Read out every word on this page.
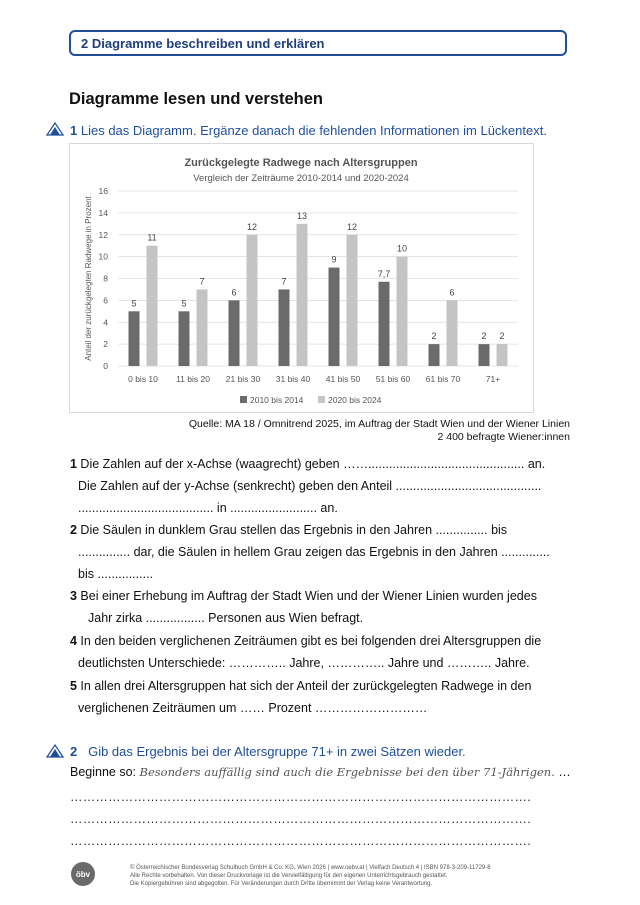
2 Diagramme beschreiben und erklären
Diagramme lesen und verstehen
1 Lies das Diagramm. Ergänze danach die fehlenden Informationen im Lückentext.
Zurückgelegte Radwege nach Altersgruppen
Vergleich der Zeiträume 2010-2014 und 2020-2024
0
2
4
6
8
10
12
14
16
Anteil der zurückgelegten Radwege in Prozent	5
11
0 bis 10
5
7
11 bis 20
6
12
21 bis 30
7
13
31 bis 40
9
12
41 bis 50
7,7
10
51 bis 60
2
6
61 bis 70
2 2
71+
2010 bis 2014	2020 bis 2024
Quelle: MA 18 / Omnitrend 2025, im Auftrag der Stadt Wien und der Wiener Linien
2 400 befragte Wiener:innen
1 Die Zahlen auf der x-Achse (waagrecht) geben ……............................................. an.
Die Zahlen auf der y-Achse (senkrecht) geben den Anteil ..........................................
....................................... in ......................... an.
2 Die Säulen in dunklem Grau stellen das Ergebnis in den Jahren ............... bis
............... dar, die Säulen in hellem Grau zeigen das Ergebnis in den Jahren ..............
bis ................
3 Bei einer Erhebung im Auftrag der Stadt Wien und der Wiener Linien wurden jedes
Jahr zirka ................. Personen aus Wien befragt.
4 In den beiden verglichenen Zeiträumen gibt es bei folgenden drei Altersgruppen die
deutlichsten Unterschiede: ………….. Jahre, ………….. Jahre und ……….. Jahre.
5 In allen drei Altersgruppen hat sich der Anteil der zurückgelegten Radwege in den
verglichenen Zeiträumen um …… Prozent ………………………
2 Gib das Ergebnis bei der Altersgruppe 71+ in zwei Sätzen wieder.
Beginne so: Besonders auffällig sind auch die Ergebnisse bei den über 71-Jährigen. …
……………………………………………………………………………………………….
……………………………………………………………………………………………….
……………………………………………………………………………………………….
öbv
© Österreichischer Bundesverlag Schulbuch GmbH & Co. KG, Wien 2026 | www.oebv.at | Vielfach Deutsch 4 | ISBN 978-3-209-11729-8
Alle Rechte vorbehalten. Von dieser Druckvorlage ist die Vervielfältigung für den eigenen Unterrichtsgebrauch gestattet.
Die Kopiergebühren sind abgegolten. Für Veränderungen durch Dritte übernimmt der Verlag keine Verantwortung.
